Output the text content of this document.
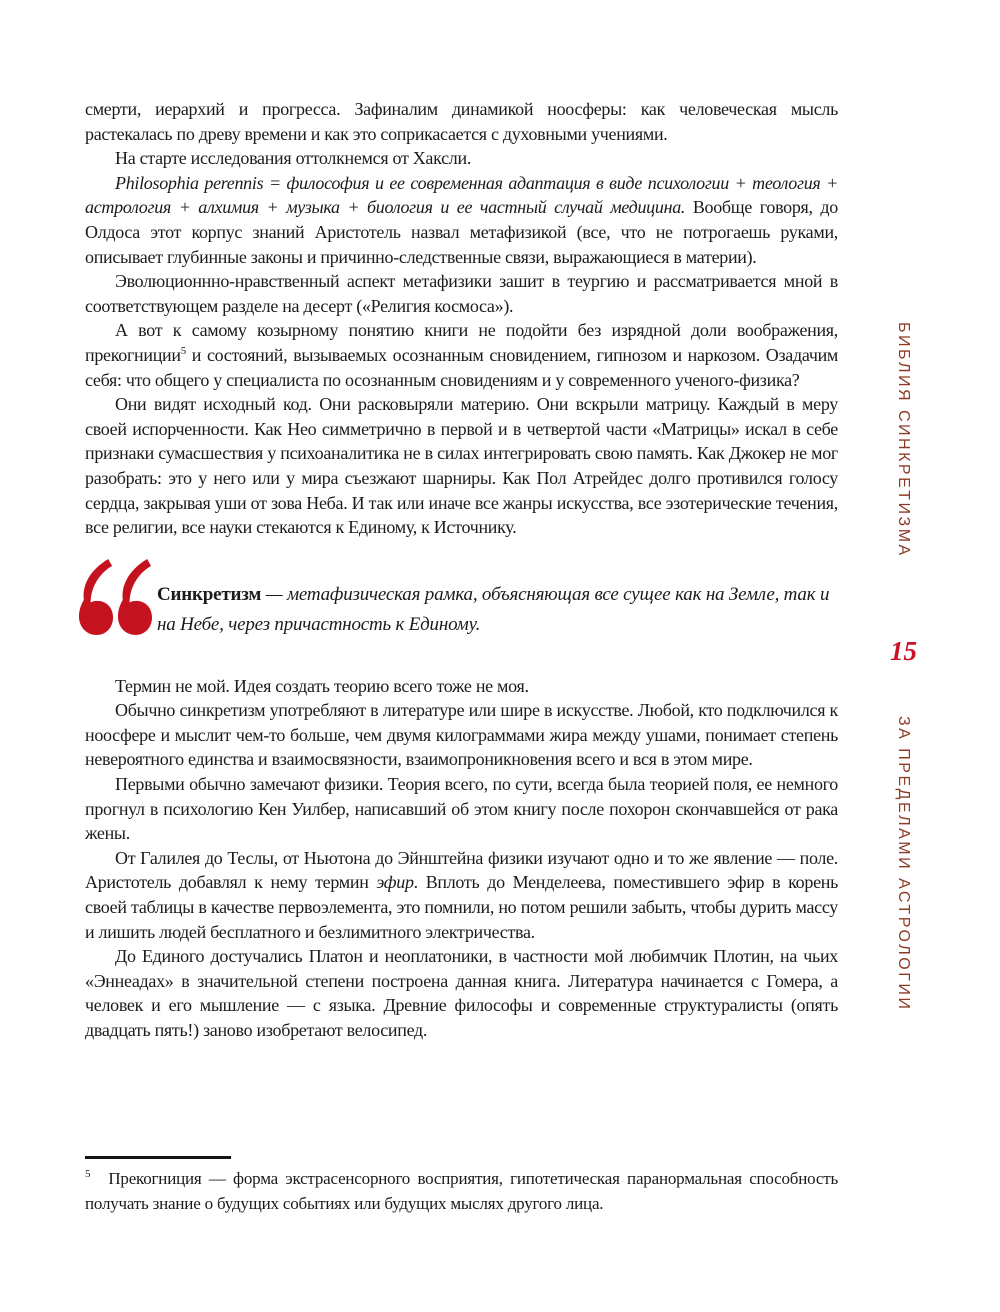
смерти, иерархий и прогресса. Зафиналим динамикой ноосферы: как человеческая мысль растекалась по древу времени и как это соприкасается с духовными учениями.

На старте исследования оттолкнемся от Хаксли.

Philosophia perennis = философия и ее современная адаптация в виде психологии + теология + астрология + алхимия + музыка + биология и ее частный случай медицина. Вообще говоря, до Олдоса этот корпус знаний Аристотель назвал метафизикой (все, что не потрогаешь руками, описывает глубинные законы и причинно-следственные связи, выражающиеся в материи).

Эволюционнно-нравственный аспект метафизики зашит в теургию и рассматривается мной в соответствующем разделе на десерт («Религия космоса»).

А вот к самому козырному понятию книги не подойти без изрядной доли воображения, прекогниции$^5$ и состояний, вызываемых осознанным сновидением, гипнозом и наркозом. Озадачим себя: что общего у специалиста по осознанным сновидениям и у современного ученого-физика?

Они видят исходный код. Они расковыряли материю. Они вскрыли матрицу. Каждый в меру своей испорченности. Как Нео симметрично в первой и в четвертой части «Матрицы» искал в себе признаки сумасшествия у психоаналитика не в силах интегрировать свою память. Как Джокер не мог разобрать: это у него или у мира съезжают шарниры. Как Пол Атрейдес долго противился голосу сердца, закрывая уши от зова Неба. И так или иначе все жанры искусства, все эзотерические течения, все религии, все науки стекаются к Единому, к Источнику.

Синкретизм — метафизическая рамка, объясняющая все сущее как на Земле, так и на Небе, через причастность к Единому.

Термин не мой. Идея создать теорию всего тоже не моя.

Обычно синкретизм употребляют в литературе или шире в искусстве. Любой, кто подключился к ноосфере и мыслит чем-то больше, чем двумя килограммами жира между ушами, понимает степень невероятного единства и взаимосвязности, взаимопроникновения всего и вся в этом мире.

Первыми обычно замечают физики. Теория всего, по сути, всегда была теорией поля, ее немного прогнул в психологию Кен Уилбер, написавший об этом книгу после похорон скончавшейся от рака жены.

От Галилея до Теслы, от Ньютона до Эйнштейна физики изучают одно и то же явление — поле. Аристотель добавлял к нему термин эфир. Вплоть до Менделеева, поместившего эфир в корень своей таблицы в качестве первоэлемента, это помнили, но потом решили забыть, чтобы дурить массу и лишить людей бесплатного и безлимитного электричества.

До Единого достучались Платон и неоплатоники, в частности мой любимчик Плотин, на чьих «Эннеадах» в значительной степени построена данная книга. Литература начинается с Гомера, а человек и его мышление — с языка. Древние философы и современные структуралисты (опять двадцать пять!) заново изобретают велосипед.

$^5$ Прекогниция — форма экстрасенсорного восприятия, гипотетическая паранормальная способность получать знание о будущих событиях или будущих мыслях другого лица.

БИБЛИЯ СИНКРЕТИЗМА
15
ЗА ПРЕДЕЛАМИ АСТРОЛОГИИ
